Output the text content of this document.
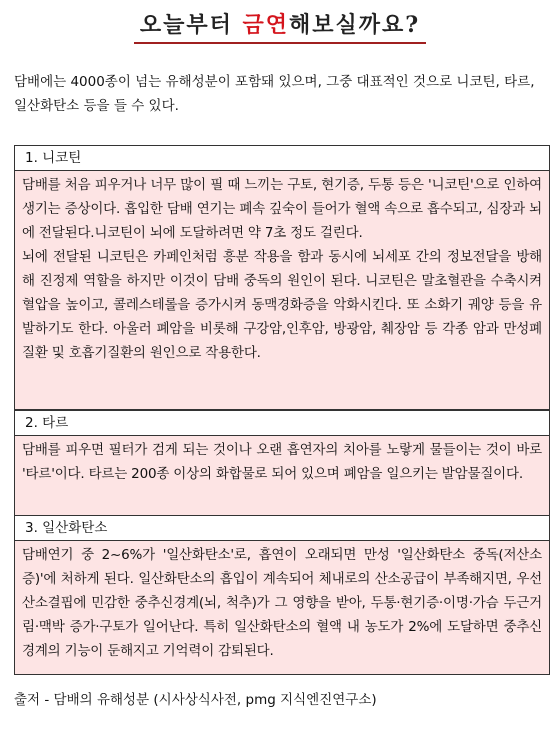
오늘부터 금연해보실까요?
담배에는 4000종이 넘는 유해성분이 포함돼 있으며, 그중 대표적인 것으로 니코틴, 타르, 일산화탄소 등을 들 수 있다.
1. 니코틴

담배를 처음 피우거나 너무 많이 필 때 느끼는 구토, 현기증, 두통 등은 '니코틴'으로 인하여 생기는 증상이다. 흡입한 담배 연기는 폐속 깊숙이 들어가 혈액 속으로 흡수되고, 심장과 뇌에 전달된다.니코틴이 뇌에 도달하려면 약 7초 정도 걸린다.

뇌에 전달된 니코틴은 카페인처럼 흥분 작용을 함과 동시에 뇌세포 간의 정보전달을 방해해 진정제 역할을 하지만 이것이 담배 중독의 원인이 된다. 니코틴은 말초혈관을 수축시켜 혈압을 높이고, 콜레스테롤을 증가시켜 동맥경화증을 악화시킨다. 또 소화기 궤양 등을 유발하기도 한다. 아울러 폐암을 비롯해 구강암,인후암, 방광암, 췌장암 등 각종 암과 만성폐질환 및 호흡기질환의 원인으로 작용한다.

2. 타르

담배를 피우면 필터가 검게 되는 것이나 오랜 흡연자의 치아를 노랗게 물들이는 것이 바로 '타르'이다. 타르는 200종 이상의 화합물로 되어 있으며 폐암을 일으키는 발암물질이다.

3. 일산화탄소

담배연기 중 2~6%가 '일산화탄소'로, 흡연이 오래되면 만성 '일산화탄소 중독(저산소증)'에 처하게 된다. 일산화탄소의 흡입이 계속되어 체내로의 산소공급이 부족해지면, 우선 산소결핍에 민감한 중추신경계(뇌, 척추)가 그 영향을 받아, 두통·현기증·이명·가슴 두근거림·맥박 증가·구토가 일어난다. 특히 일산화탄소의 혈액 내 농도가 2%에 도달하면 중추신경계의 기능이 둔해지고 기억력이 감퇴된다.

출저 - 담배의 유해성분 (시사상식사전, pmg 지식엔진연구소)
